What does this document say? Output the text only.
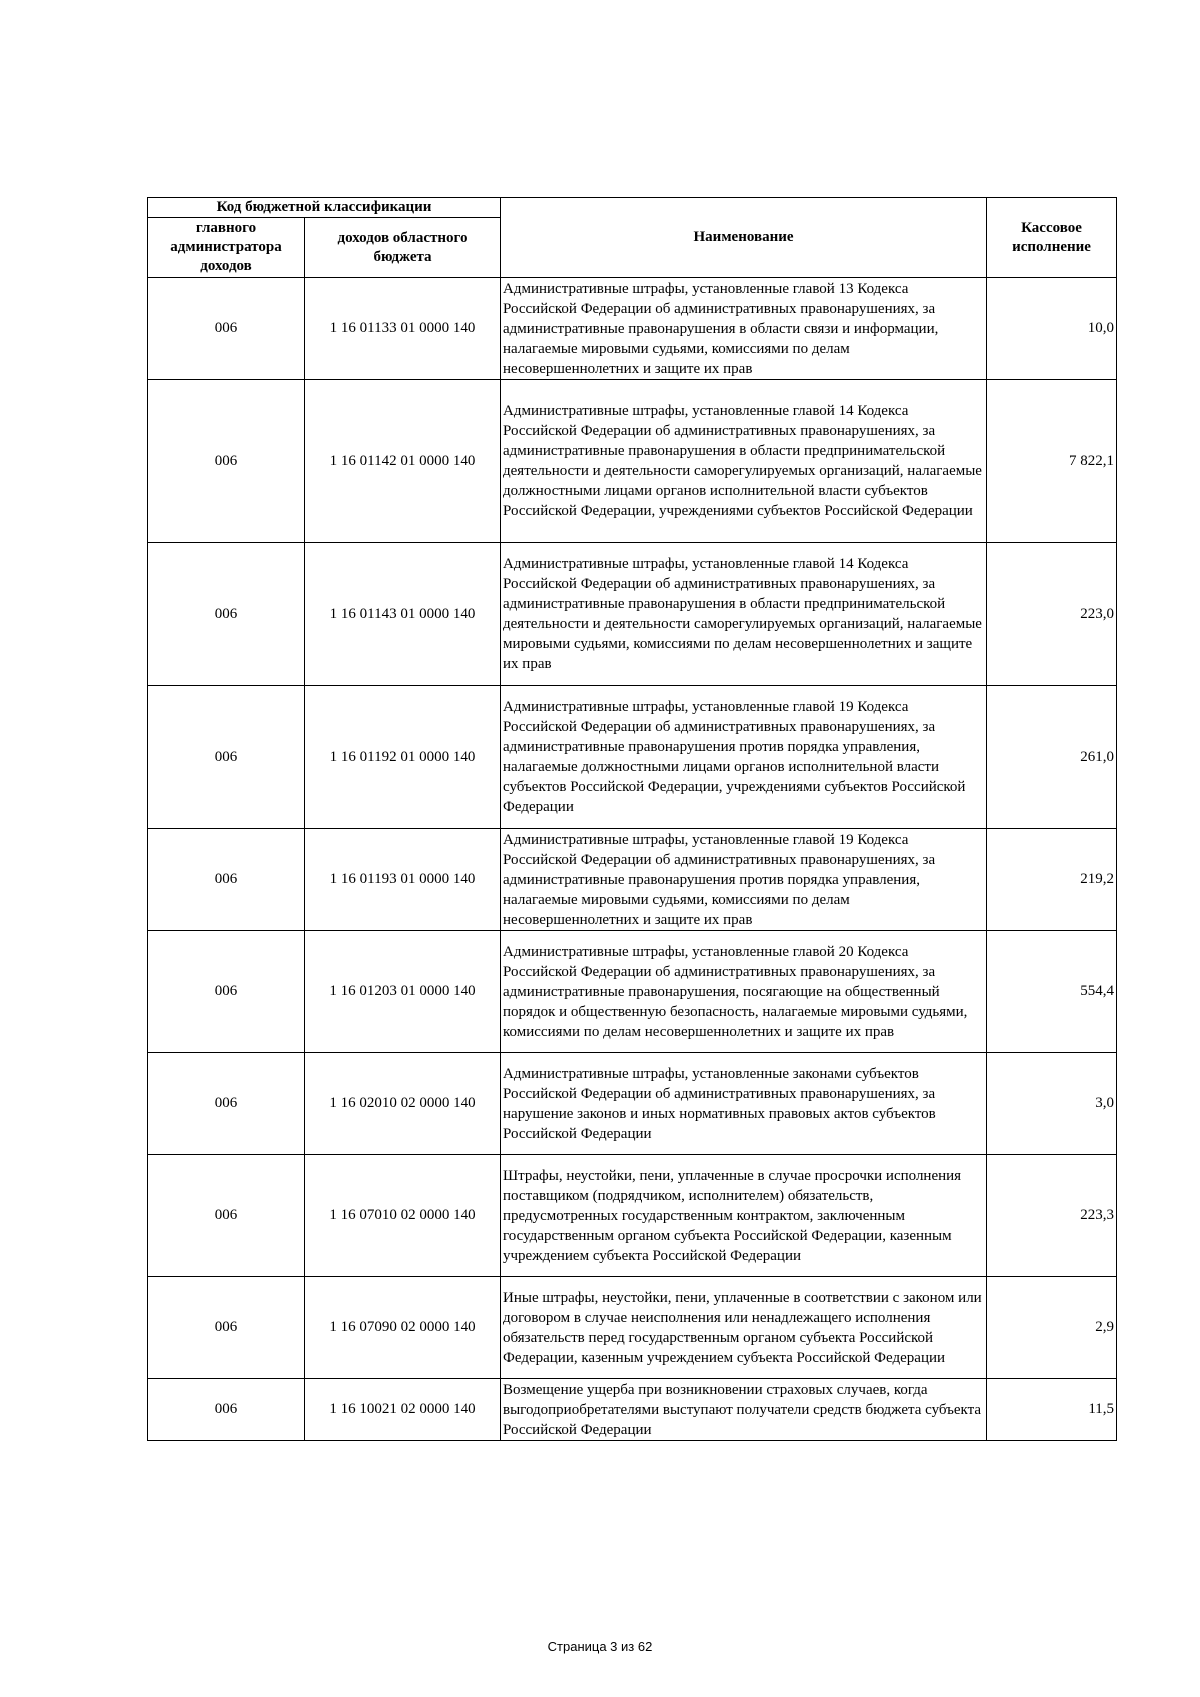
Код бюджетной классификации		Наименование	Кассовое исполнение
главного администратора доходов	доходов областного бюджета		
006	1 16 01133 01 0000 140	Административные штрафы, установленные главой 13 Кодекса Российской Федерации об административных правонарушениях, за административные правонарушения в области связи и информации, налагаемые мировыми судьями, комиссиями по делам несовершеннолетних и защите их прав	10,0
006	1 16 01142 01 0000 140	Административные штрафы, установленные главой 14 Кодекса Российской Федерации об административных правонарушениях, за административные правонарушения в области предпринимательской деятельности и деятельности саморегулируемых организаций, налагаемые должностными лицами органов исполнительной власти субъектов Российской Федерации, учреждениями субъектов Российской Федерации	7 822,1
006	1 16 01143 01 0000 140	Административные штрафы, установленные главой 14 Кодекса Российской Федерации об административных правонарушениях, за административные правонарушения в области предпринимательской деятельности и деятельности саморегулируемых организаций, налагаемые мировыми судьями, комиссиями по делам несовершеннолетних и защите их прав	223,0
006	1 16 01192 01 0000 140	Административные штрафы, установленные главой 19 Кодекса Российской Федерации об административных правонарушениях, за административные правонарушения против порядка управления, налагаемые должностными лицами органов исполнительной власти субъектов Российской Федерации, учреждениями субъектов Российской Федерации	261,0
006	1 16 01193 01 0000 140	Административные штрафы, установленные главой 19 Кодекса Российской Федерации об административных правонарушениях, за административные правонарушения против порядка управления, налагаемые мировыми судьями, комиссиями по делам несовершеннолетних и защите их прав	219,2
006	1 16 01203 01 0000 140	Административные штрафы, установленные главой 20 Кодекса Российской Федерации об административных правонарушениях, за административные правонарушения, посягающие на общественный порядок и общественную безопасность, налагаемые мировыми судьями, комиссиями по делам несовершеннолетних и защите их прав	554,4
006	1 16 02010 02 0000 140	Административные штрафы, установленные законами субъектов Российской Федерации об административных правонарушениях, за нарушение законов и иных нормативных правовых актов субъектов Российской Федерации	3,0
006	1 16 07010 02 0000 140	Штрафы, неустойки, пени, уплаченные в случае просрочки исполнения поставщиком (подрядчиком, исполнителем) обязательств, предусмотренных государственным контрактом, заключенным государственным органом субъекта Российской Федерации, казенным учреждением субъекта Российской Федерации	223,3
006	1 16 07090 02 0000 140	Иные штрафы, неустойки, пени, уплаченные в соответствии с законом или договором в случае неисполнения или ненадлежащего исполнения обязательств перед государственным органом субъекта Российской Федерации, казенным учреждением субъекта Российской Федерации	2,9
006	1 16 10021 02 0000 140	Возмещение ущерба при возникновении страховых случаев, когда выгодоприобретателями выступают получатели средств бюджета субъекта Российской Федерации	11,5
Страница 3 из 62
